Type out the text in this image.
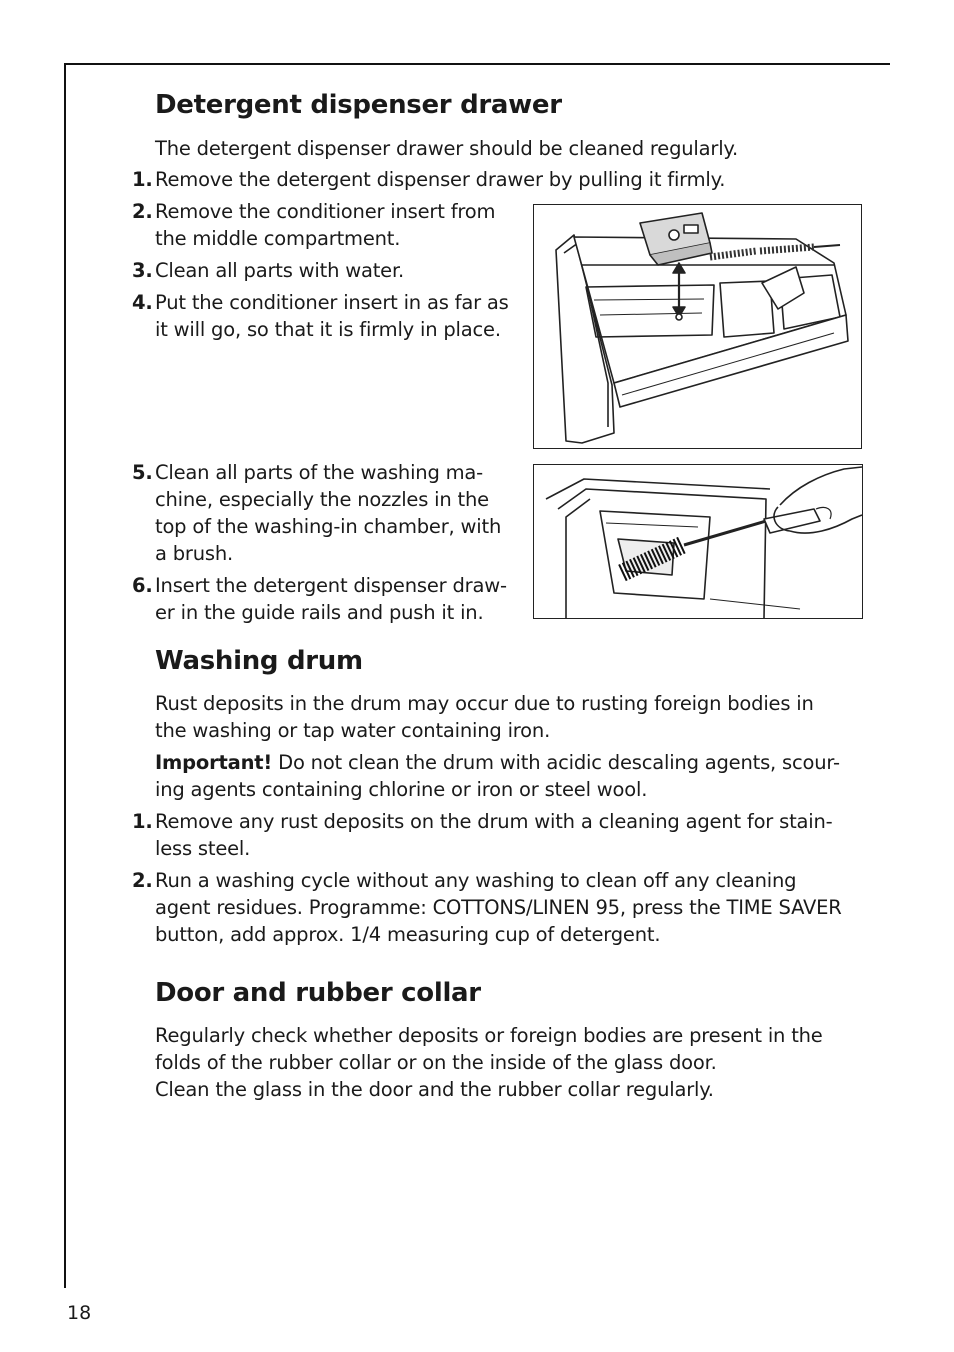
Detergent dispenser drawer

The detergent dispenser drawer should be cleaned regularly.

1. Remove the detergent dispenser drawer by pulling it firmly.
2. Remove the conditioner insert from
the middle compartment.
3. Clean all parts with water.
4. Put the conditioner insert in as far as
it will go, so that it is firmly in place.
5. Clean all parts of the washing ma-
chine, especially the nozzles in the
top of the washing-in chamber, with
a brush.
6. Insert the detergent dispenser draw-
er in the guide rails and push it in.
Washing drum

Rust deposits in the drum may occur due to rusting foreign bodies in

the washing or tap water containing iron.

Important! Do not clean the drum with acidic descaling agents, scour-

ing agents containing chlorine or iron or steel wool.

1. Remove any rust deposits on the drum with a cleaning agent for stain-
less steel.
2. Run a washing cycle without any washing to clean off any cleaning
agent residues. Programme: COTTONS/LINEN 95, press the TIME SAVER
button, add approx. 1/4 measuring cup of detergent.
Door and rubber collar

Regularly check whether deposits or foreign bodies are present in the

folds of the rubber collar or on the inside of the glass door.

Clean the glass in the door and the rubber collar regularly.

18
